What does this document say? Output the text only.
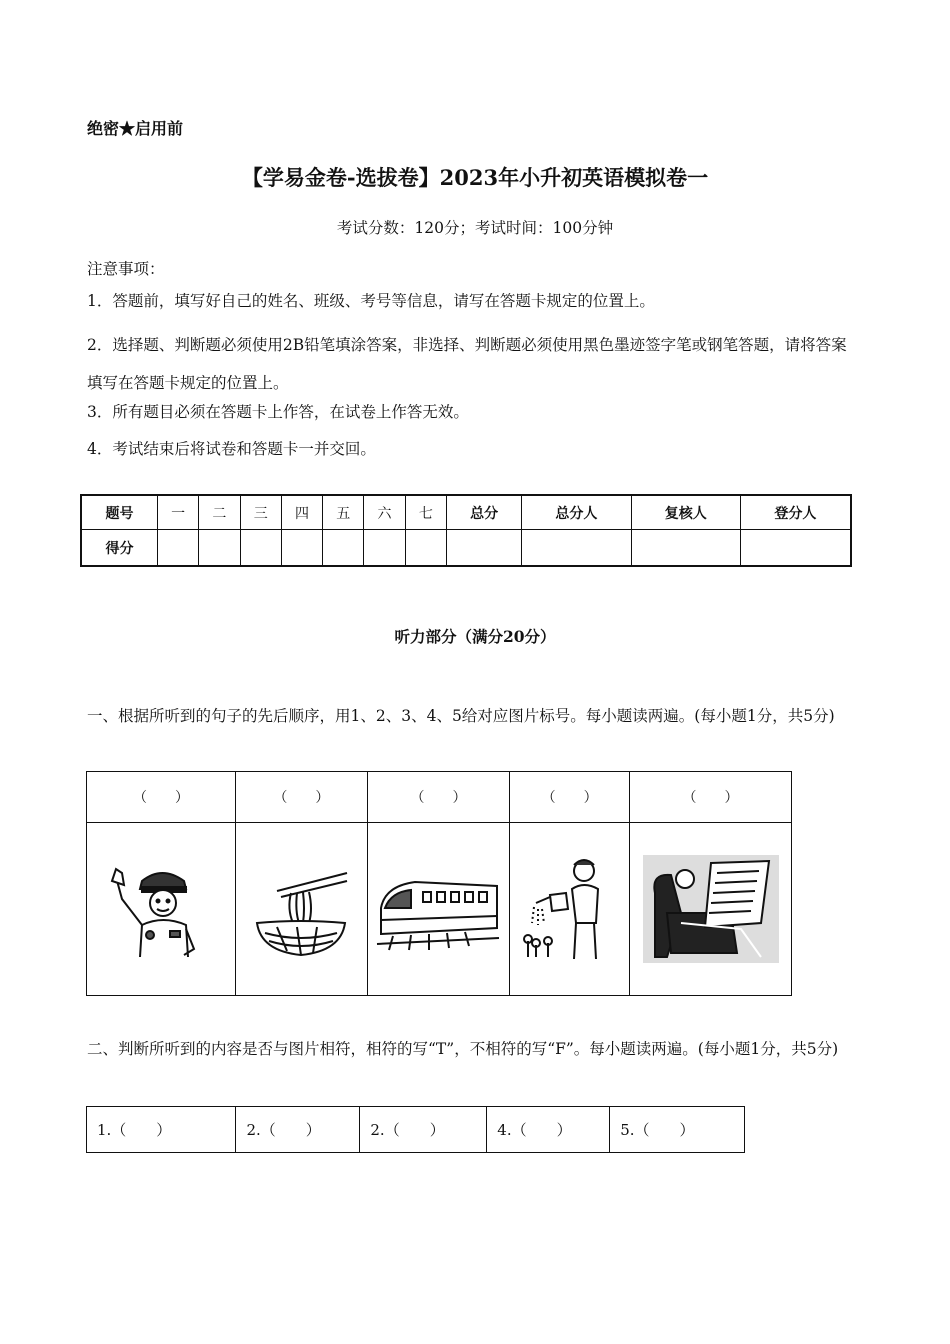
绝密★启用前
【学易金卷-选拔卷】2023年小升初英语模拟卷一
考试分数：120分；考试时间：100分钟
注意事项：
1．答题前，填写好自己的姓名、班级、考号等信息，请写在答题卡规定的位置上。
2．选择题、判断题必须使用2B铅笔填涂答案，非选择、判断题必须使用黑色墨迹签字笔或钢笔答题，请将答案填写在答题卡规定的位置上。
3．所有题目必须在答题卡上作答，在试卷上作答无效。
4．考试结束后将试卷和答题卡一并交回。
题号	一	二	三	四	五	六	七	总分	总分人	复核人	登分人
得分											
听力部分（满分20分）
一、根据所听到的句子的先后顺序，用1、2、3、4、5给对应图片标号。每小题读两遍。(每小题1分，共5分)
（　　）	（　　）	（　　）	（　　）	（　　）

二、判断所听到的内容是否与图片相符，相符的写“T”，不相符的写“F”。每小题读两遍。(每小题1分，共5分)
1.（　　）	2.（　　）	2.（　　）	4.（　　）	5.（　　）
